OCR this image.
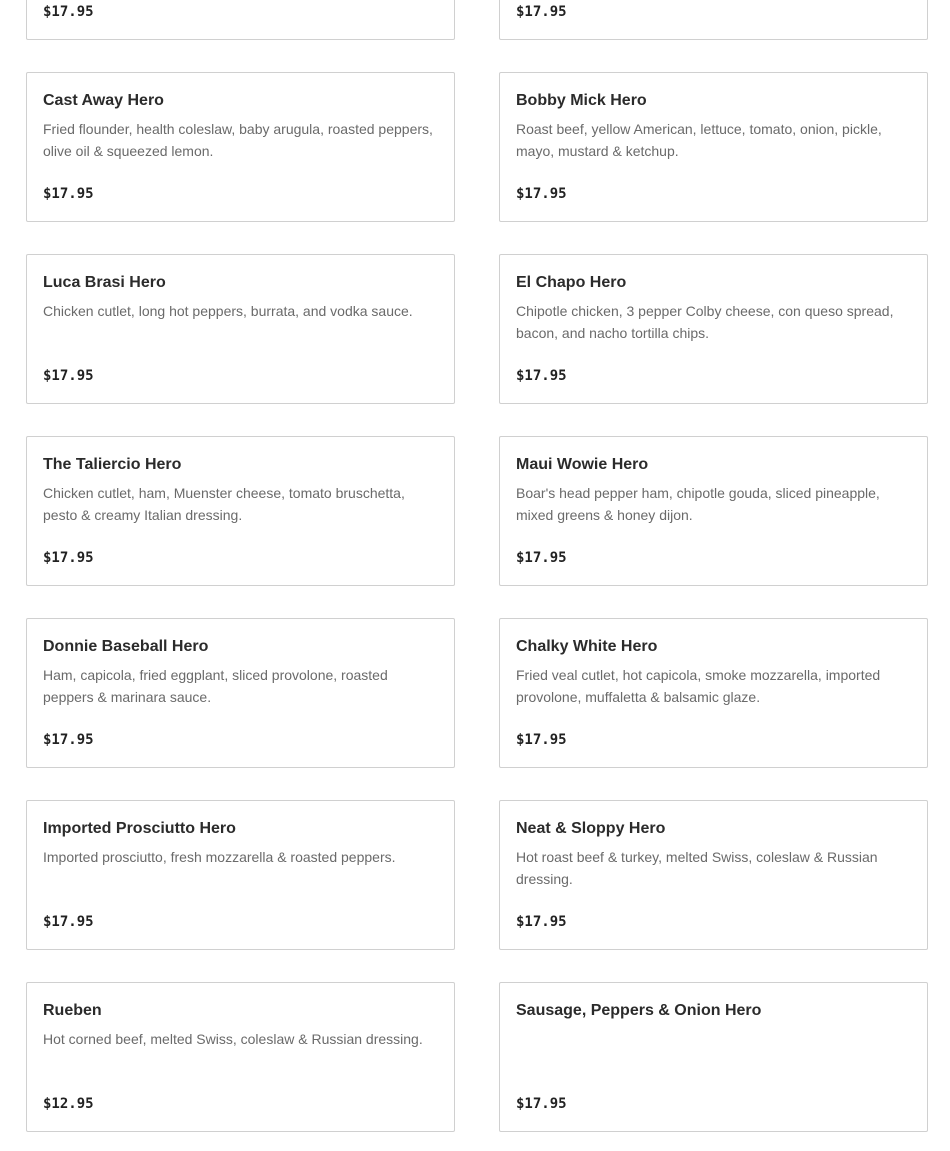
$17.95	$17.95
Cast Away Hero
Fried flounder, health coleslaw, baby arugula, roasted peppers, olive oil & squeezed lemon.
$17.95
Bobby Mick Hero
Roast beef, yellow American, lettuce, tomato, onion, pickle, mayo, mustard & ketchup.
$17.95
Luca Brasi Hero
Chicken cutlet, long hot peppers, burrata, and vodka sauce.
$17.95
El Chapo Hero
Chipotle chicken, 3 pepper Colby cheese, con queso spread, bacon, and nacho tortilla chips.
$17.95
The Taliercio Hero
Chicken cutlet, ham, Muenster cheese, tomato bruschetta, pesto & creamy Italian dressing.
$17.95
Maui Wowie Hero
Boar's head pepper ham, chipotle gouda, sliced pineapple, mixed greens & honey dijon.
$17.95
Donnie Baseball Hero
Ham, capicola, fried eggplant, sliced provolone, roasted peppers & marinara sauce.
$17.95
Chalky White Hero
Fried veal cutlet, hot capicola, smoke mozzarella, imported provolone, muffaletta & balsamic glaze.
$17.95
Imported Prosciutto Hero
Imported prosciutto, fresh mozzarella & roasted peppers.
$17.95
Neat & Sloppy Hero
Hot roast beef & turkey, melted Swiss, coleslaw & Russian dressing.
$17.95
Rueben
Hot corned beef, melted Swiss, coleslaw & Russian dressing.
$12.95
Sausage, Peppers & Onion Hero
$17.95
